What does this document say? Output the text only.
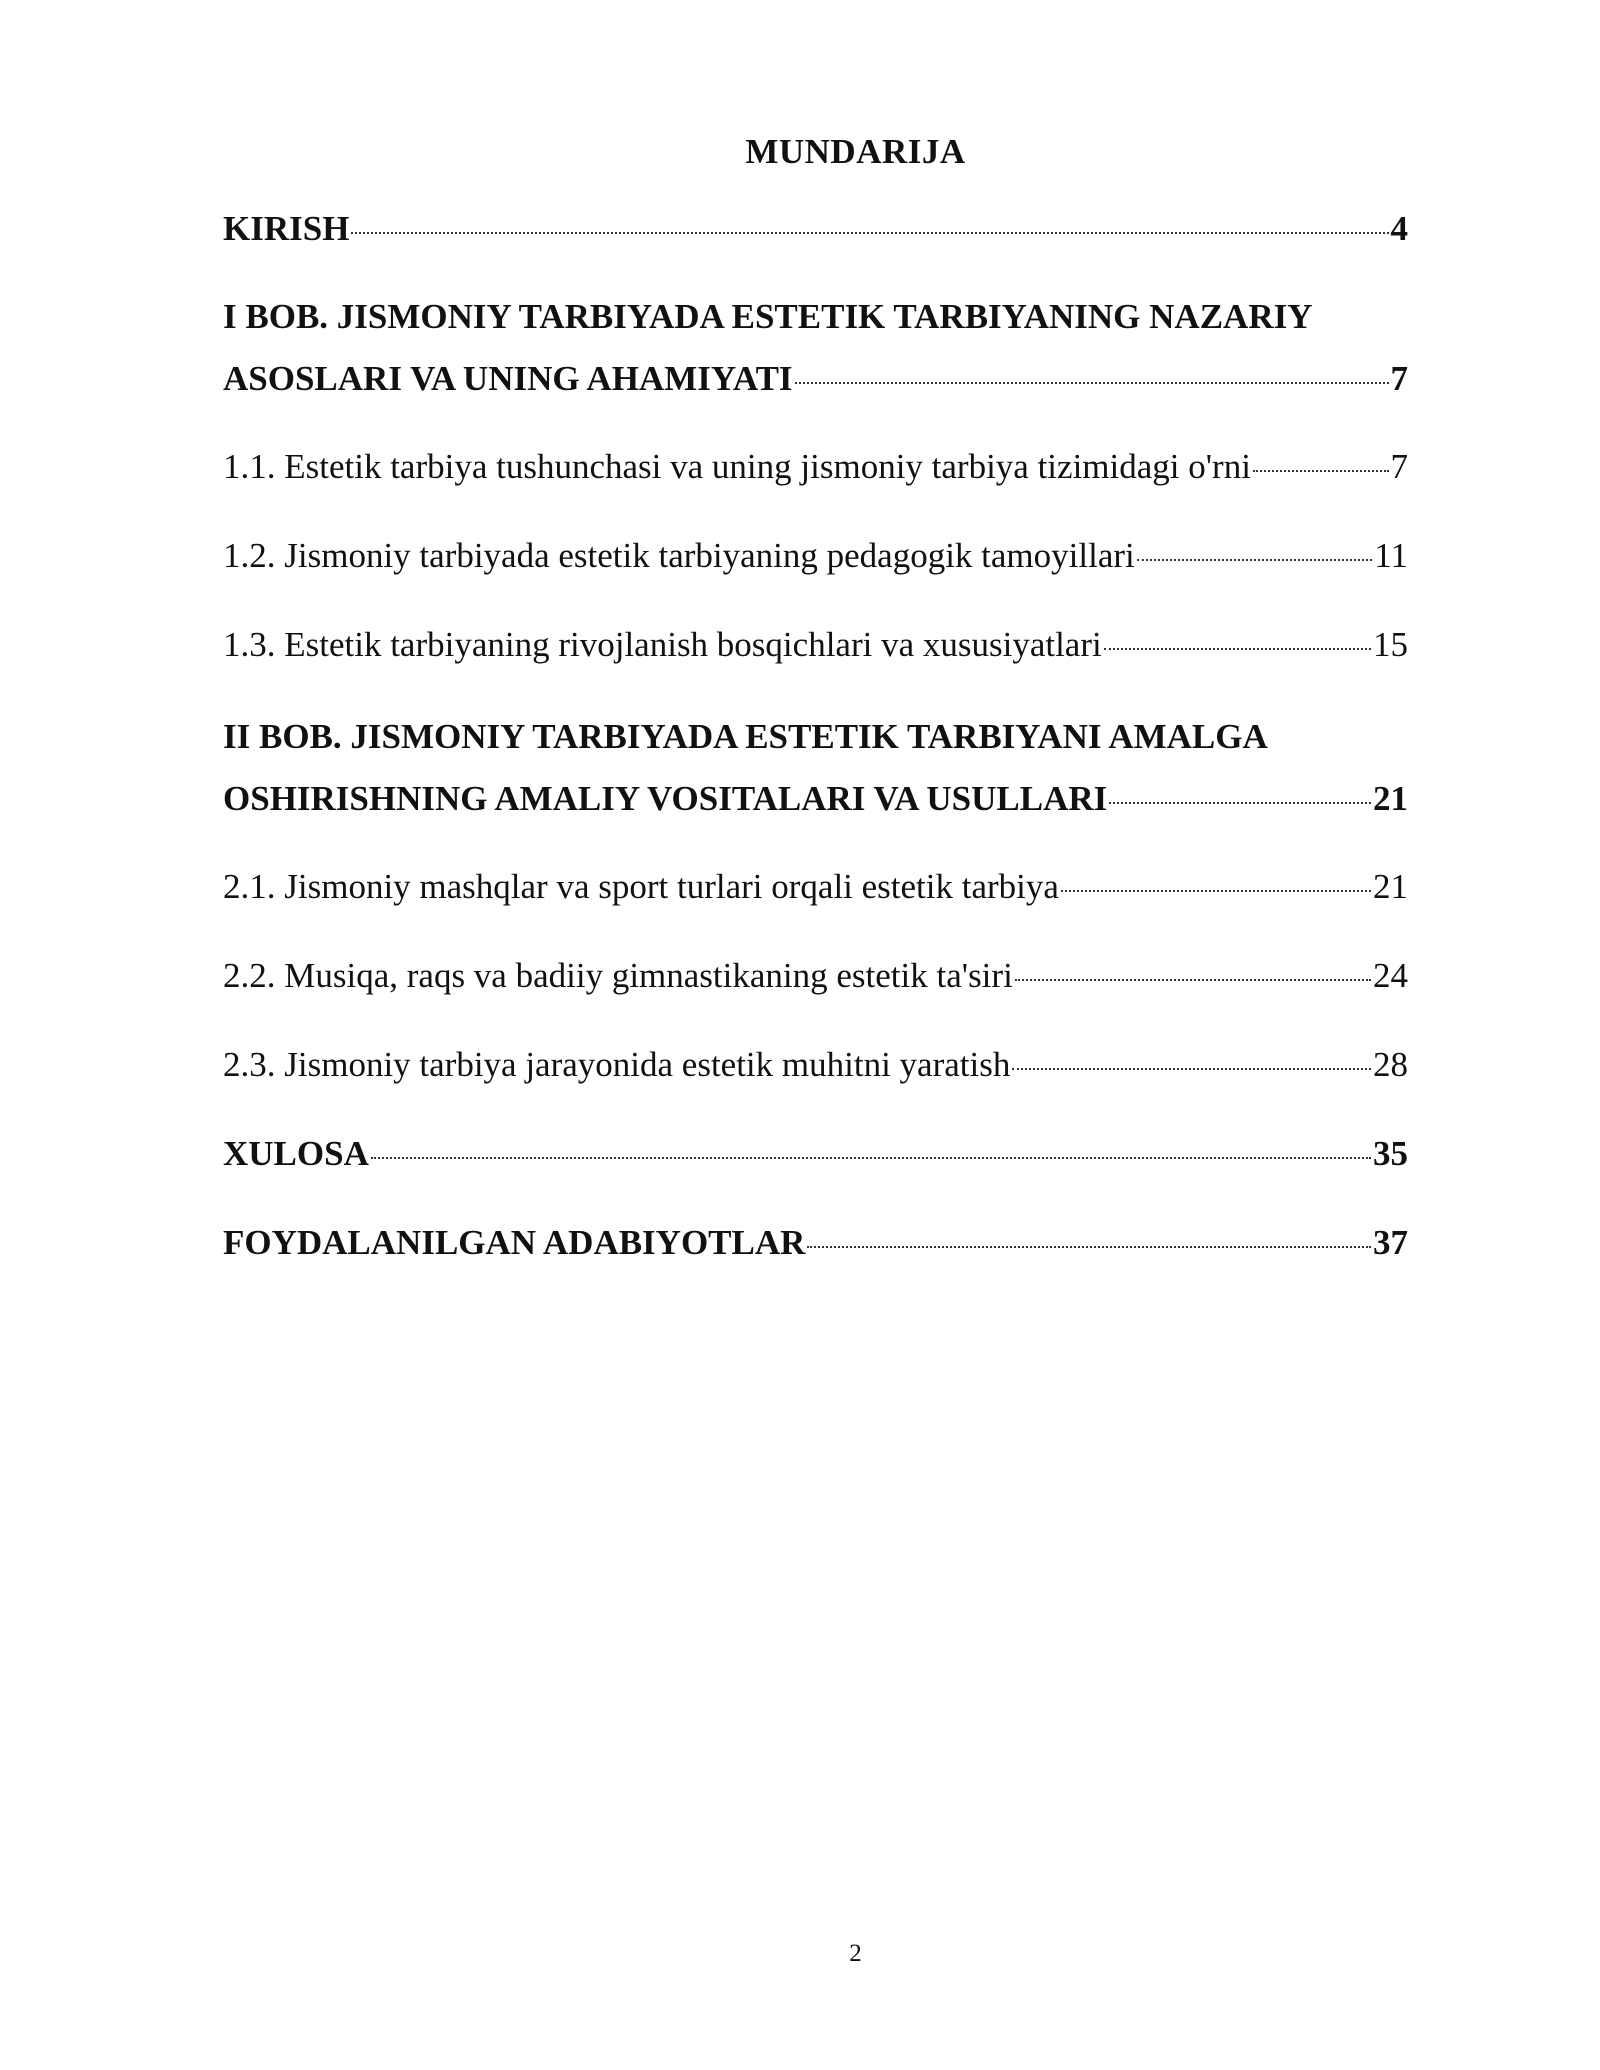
MUNDARIJA
KIRISH	4
I BOB. JISMONIY TARBIYADA ESTETIK TARBIYANING NAZARIY
ASOSLARI VA UNING AHAMIYATI	7
1.1. Estetik tarbiya tushunchasi va uning jismoniy tarbiya tizimidagi o'rni	7
1.2. Jismoniy tarbiyada estetik tarbiyaning pedagogik tamoyillari	11
1.3. Estetik tarbiyaning rivojlanish bosqichlari va xususiyatlari	15
II BOB. JISMONIY TARBIYADA ESTETIK TARBIYANI AMALGA
OSHIRISHNING AMALIY VOSITALARI VA USULLARI	21
2.1. Jismoniy mashqlar va sport turlari orqali estetik tarbiya	21
2.2. Musiqa, raqs va badiiy gimnastikaning estetik ta'siri	24
2.3. Jismoniy tarbiya jarayonida estetik muhitni yaratish	28
XULOSA	35
FOYDALANILGAN ADABIYOTLAR	37
2
